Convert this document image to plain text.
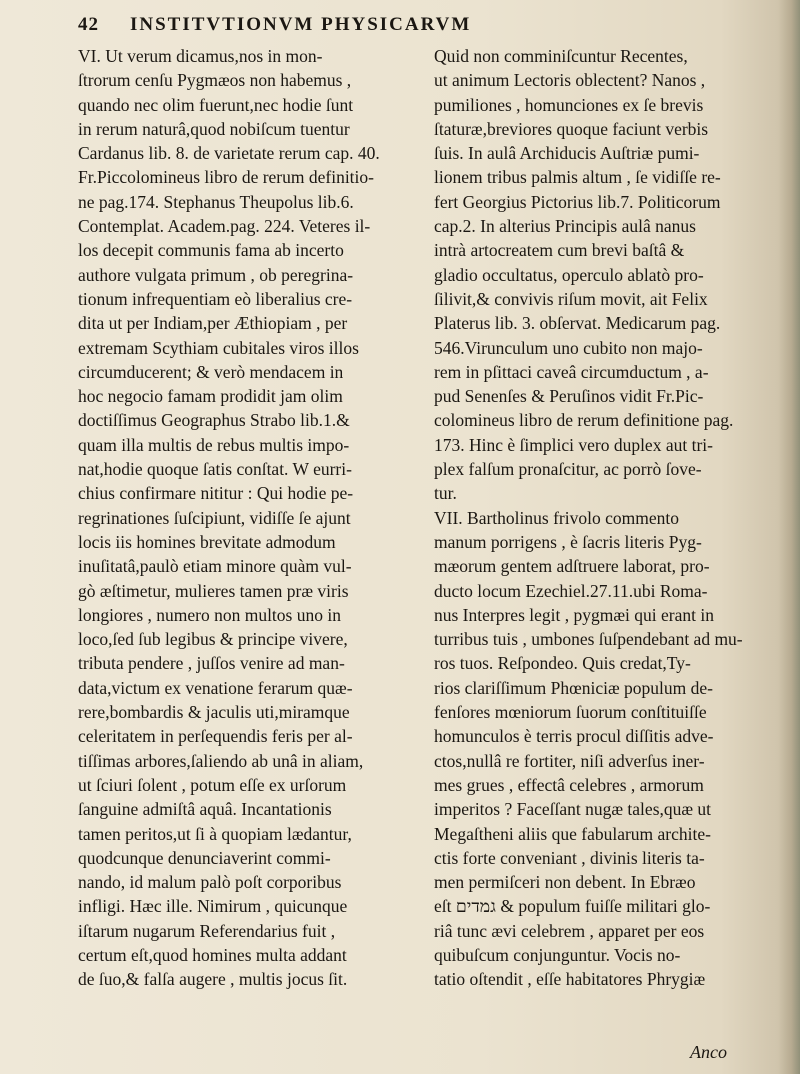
42 INSTITVTIONVM PHYSICARVM
VI. Ut verum dicamus,nos in mon-
ſtrorum cenſu Pygmæos non habemus ,
quando nec olim fuerunt,nec hodie ſunt
in rerum naturâ,quod nobiſcum tuentur
Cardanus lib. 8. de varietate rerum cap. 40.
Fr.Piccolomineus libro de rerum definitio-
ne pag.174. Stephanus Theupolus lib.6.
Contemplat. Academ.pag. 224. Veteres il-
los decepit communis fama ab incerto
authore vulgata primum , ob peregrina-
tionum infrequentiam eò liberalius cre-
dita ut per Indiam,per Æthiopiam , per
extremam Scythiam cubitales viros illos
circumducerent; & verò mendacem in
hoc negocio famam prodidit jam olim
doctiſſimus Geographus Strabo lib.1.&
quam illa multis de rebus multis impo-
nat,hodie quoque ſatis conſtat. W eurri-
chius confirmare nititur : Qui hodie pe-
regrinationes ſuſcipiunt, vidiſſe ſe ajunt
locis iis homines brevitate admodum
inuſitatâ,paulò etiam minore quàm vul-
gò æſtimetur, mulieres tamen præ viris
longiores , numero non multos uno in
loco,ſed ſub legibus & principe vivere,
tributa pendere , juſſos venire ad man-
data,victum ex venatione ferarum quæ-
rere,bombardis & jaculis uti,miramque
celeritatem in perſequendis feris per al-
tiſſimas arbores,ſaliendo ab unâ in aliam,
ut ſciuri ſolent , potum eſſe ex urſorum
ſanguine admiſtâ aquâ. Incantationis
tamen peritos,ut ſi à quopiam lædantur,
quodcunque denunciaverint commi-
nando, id malum palò poſt corporibus
infligi. Hæc ille. Nimirum , quicunque
iſtarum nugarum Referendarius fuit ,
certum eſt,quod homines multa addant
de ſuo,& falſa augere , multis jocus ſit.
Quid non comminiſcuntur Recentes,
ut animum Lectoris oblectent? Nanos ,
pumiliones , homunciones ex ſe brevis
ſtaturæ,breviores quoque faciunt verbis
ſuis. In aulâ Archiducis Auſtriæ pumi-
lionem tribus palmis altum , ſe vidiſſe re-
fert Georgius Pictorius lib.7. Politicorum
cap.2. In alterius Principis aulâ nanus
intrà artocreatem cum brevi baſtâ &
gladio occultatus, operculo ablatò pro-
ſilivit,& convivis riſum movit, ait Felix
Platerus lib. 3. obſervat. Medicarum pag.
546.Virunculum uno cubito non majo-
rem in pſittaci caveâ circumductum , a-
pud Senenſes & Peruſinos vidit Fr.Pic-
colomineus libro de rerum definitione pag.
173. Hinc è ſimplici vero duplex aut tri-
plex falſum pronaſcitur, ac porrò ſove-
tur.
VII. Bartholinus frivolo commento
manum porrigens , è ſacris literis Pyg-
mæorum gentem adſtruere laborat, pro-
ducto locum Ezechiel.27.11.ubi Roma-
nus Interpres legit , pygmæi qui erant in
turribus tuis , umbones ſuſpendebant ad mu-
ros tuos. Reſpondeo. Quis credat,Ty-
rios clariſſimum Phœniciæ populum de-
fenſores mœniorum ſuorum conſtituiſſe
homunculos è terris procul diſſitis adve-
ctos,nullâ re fortiter, niſi adverſus iner-
mes grues , effectâ celebres , armorum
imperitos ? Faceſſant nugæ tales,quæ ut
Megaſtheni aliis que fabularum archite-
ctis forte conveniant , divinis literis ta-
men permiſceri non debent. In Ebræo
eſt גמדים & populum fuiſſe militari glo-
riâ tunc ævi celebrem , apparet per eos
quibuſcum conjunguntur. Vocis no-
tatio oſtendit , eſſe habitatores Phrygiæ
Anco
